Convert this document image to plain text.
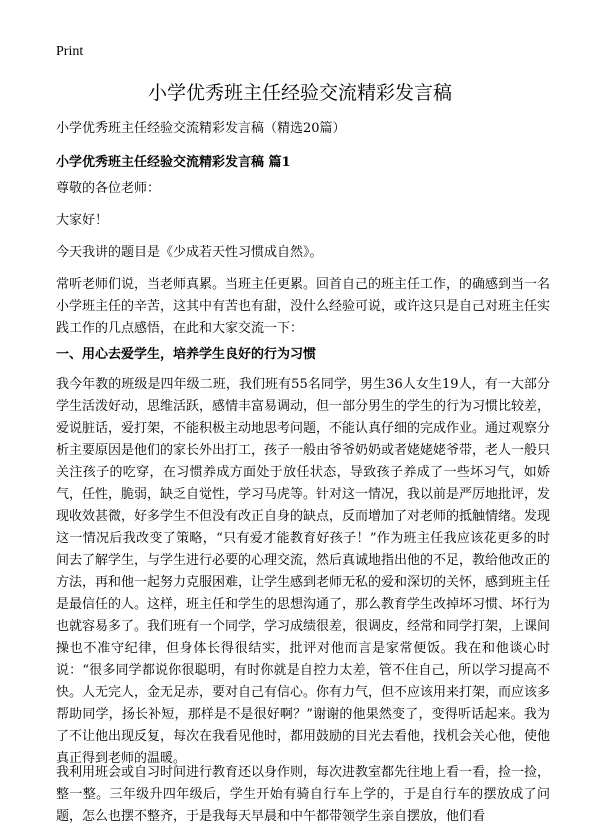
Print
小学优秀班主任经验交流精彩发言稿

小学优秀班主任经验交流精彩发言稿（精选20篇）

小学优秀班主任经验交流精彩发言稿 篇1

尊敬的各位老师：

大家好！

今天我讲的题目是《少成若天性习惯成自然》。

常听老师们说，当老师真累。当班主任更累。回首自己的班主任工作，的确感到当一名小学班主任的辛苦，这其中有苦也有甜，没什么经验可说，或许这只是自己对班主任实践工作的几点感悟，在此和大家交流一下：

一、用心去爱学生，培养学生良好的行为习惯

我今年教的班级是四年级二班，我们班有55名同学，男生36人女生19人，有一大部分学生活泼好动，思维活跃，感情丰富易调动，但一部分男生的学生的行为习惯比较差，爱说脏话，爱打架，不能积极主动地思考问题，不能认真仔细的完成作业。通过观察分析主要原因是他们的家长外出打工，孩子一般由爷爷奶奶或者姥姥姥爷带，老人一般只关注孩子的吃穿，在习惯养成方面处于放任状态，导致孩子养成了一些坏习气，如娇气，任性，脆弱，缺乏自觉性，学习马虎等。针对这一情况，我以前是严厉地批评，发现收效甚微，好多学生不但没有改正自身的缺点，反而增加了对老师的抵触情绪。发现这一情况后我改变了策略，“只有爱才能教育好孩子！”作为班主任我应该花更多的时间去了解学生，与学生进行必要的心理交流，然后真诚地指出他的不足，教给他改正的方法，再和他一起努力克服困难，让学生感到老师无私的爱和深切的关怀，感到班主任是最信任的人。这样，班主任和学生的思想沟通了，那么教育学生改掉坏习惯、坏行为也就容易多了。我们班有一个同学，学习成绩很差，很调皮，经常和同学打架，上课间操也不准守纪律，但身体长得很结实，批评对他而言是家常便饭。我在和他谈心时说：“很多同学都说你很聪明，有时你就是自控力太差，管不住自己，所以学习提高不快。人无完人，金无足赤，要对自己有信心。你有力气，但不应该用来打架，而应该多帮助同学，扬长补短，那样是不是很好啊？”谢谢的他果然变了，变得听话起来。我为了不让他出现反复，每次在我看见他时，都用鼓励的目光去看他，找机会关心他，使他真正得到老师的温暖。

我利用班会或自习时间进行教育还以身作则，每次进教室都先往地上看一看，捡一捡，整一整。三年级升四年级后，学生开始有骑自行车上学的，于是自行车的摆放成了问题，怎么也摆不整齐，于是我每天早晨和中午都带领学生亲自摆放，他们看
